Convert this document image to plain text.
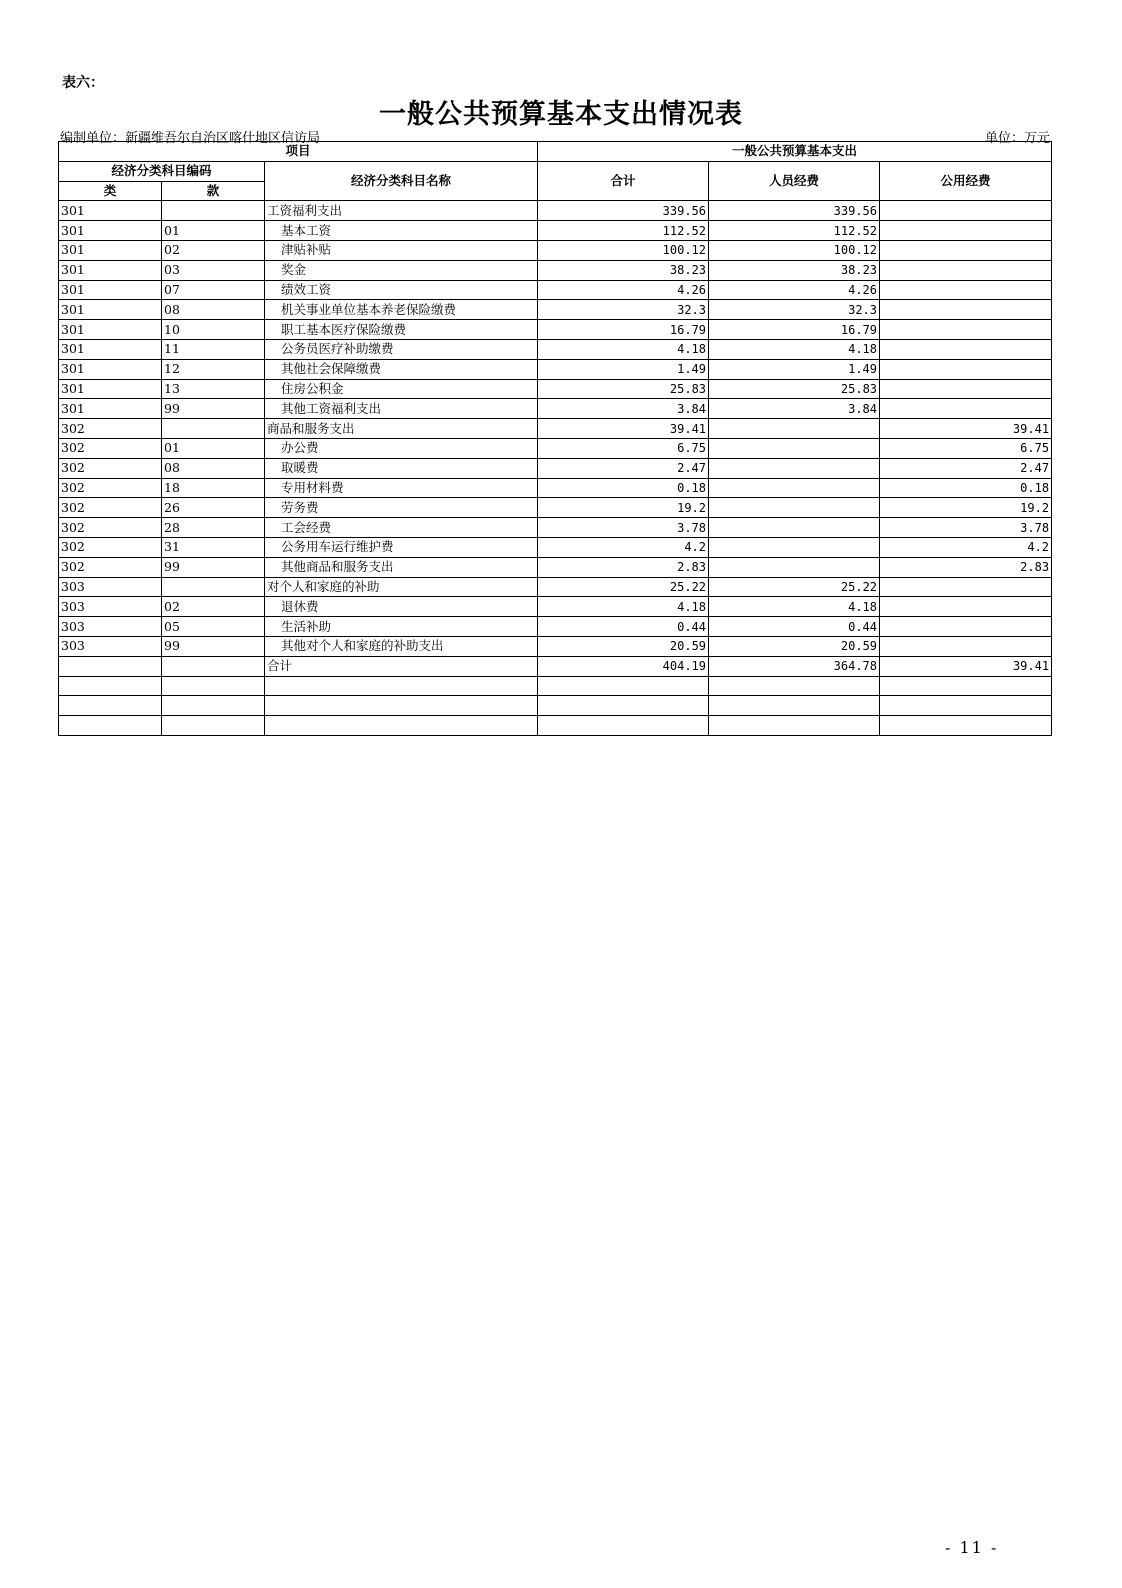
表六：
一般公共预算基本支出情况表
编制单位：新疆维吾尔自治区喀什地区信访局	单位：万元
项目			一般公共预算基本支出		
经济分类科目编码		经济分类科目名称	合计	人员经费	公用经费
类	款				
301		工资福利支出	339.56	339.56	
301	01	基本工资	112.52	112.52	
301	02	津贴补贴	100.12	100.12	
301	03	奖金	38.23	38.23	
301	07	绩效工资	4.26	4.26	
301	08	机关事业单位基本养老保险缴费	32.3	32.3	
301	10	职工基本医疗保险缴费	16.79	16.79	
301	11	公务员医疗补助缴费	4.18	4.18	
301	12	其他社会保障缴费	1.49	1.49	
301	13	住房公积金	25.83	25.83	
301	99	其他工资福利支出	3.84	3.84	
302		商品和服务支出	39.41		39.41
302	01	办公费	6.75		6.75
302	08	取暖费	2.47		2.47
302	18	专用材料费	0.18		0.18
302	26	劳务费	19.2		19.2
302	28	工会经费	3.78		3.78
302	31	公务用车运行维护费	4.2		4.2
302	99	其他商品和服务支出	2.83		2.83
303		对个人和家庭的补助	25.22	25.22	
303	02	退休费	4.18	4.18	
303	05	生活补助	0.44	0.44	
303	99	其他对个人和家庭的补助支出	20.59	20.59	
		合计	404.19	364.78	39.41

- 11 -
